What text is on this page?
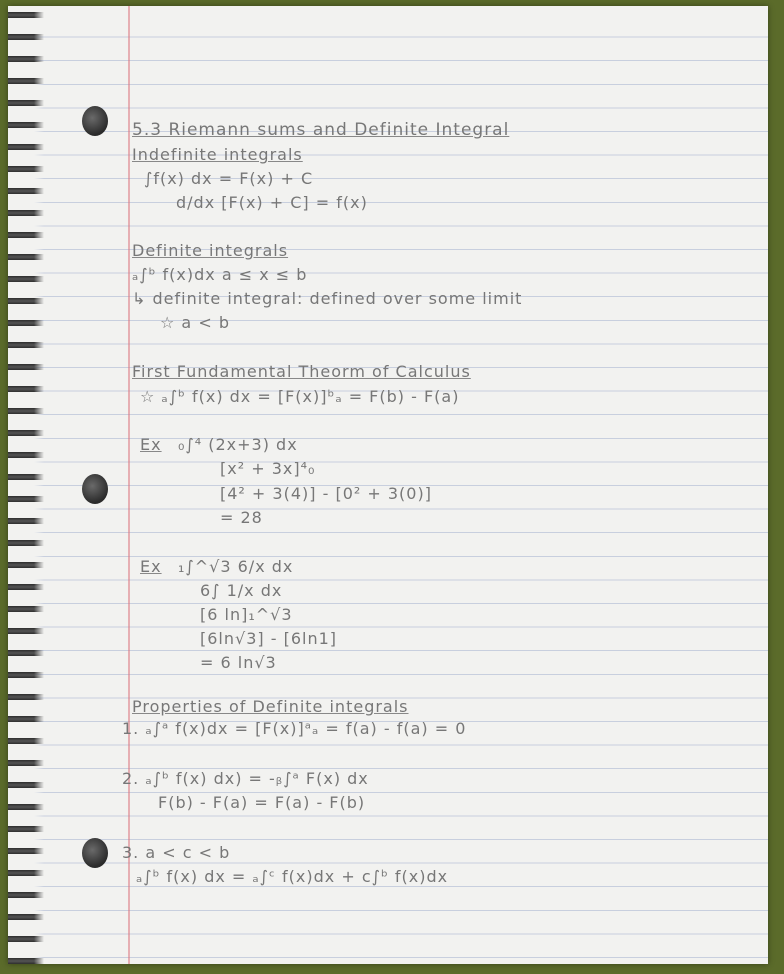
5.3 Riemann sums and Definite Integral
Indefinite integrals
∫f(x) dx = F(x) + C
d/dx [F(x) + C] = f(x)
Definite integrals
ₐ∫ᵇ f(x)dx a ≤ x ≤ b
↳ definite integral: defined over some limit
☆ a < b
First Fundamental Theorm of Calculus
☆ ₐ∫ᵇ f(x) dx = [F(x)]ᵇₐ = F(b) - F(a)
Ex ₀∫⁴ (2x+3) dx
[x² + 3x]⁴₀
[4² + 3(4)] - [0² + 3(0)]
= 28
Ex ₁∫^√3 6/x dx
6∫ 1/x dx
[6 ln]₁^√3
[6ln√3] - [6ln1]
= 6 ln√3
Properties of Definite integrals
1. ₐ∫ᵃ f(x)dx = [F(x)]ᵃₐ = f(a) - f(a) = 0
2. ₐ∫ᵇ f(x) dx) = -ᵦ∫ᵃ F(x) dx
F(b) - F(a) = F(a) - F(b)
3. a < c < b
ₐ∫ᵇ f(x) dx = ₐ∫ᶜ f(x)dx + c∫ᵇ f(x)dx
